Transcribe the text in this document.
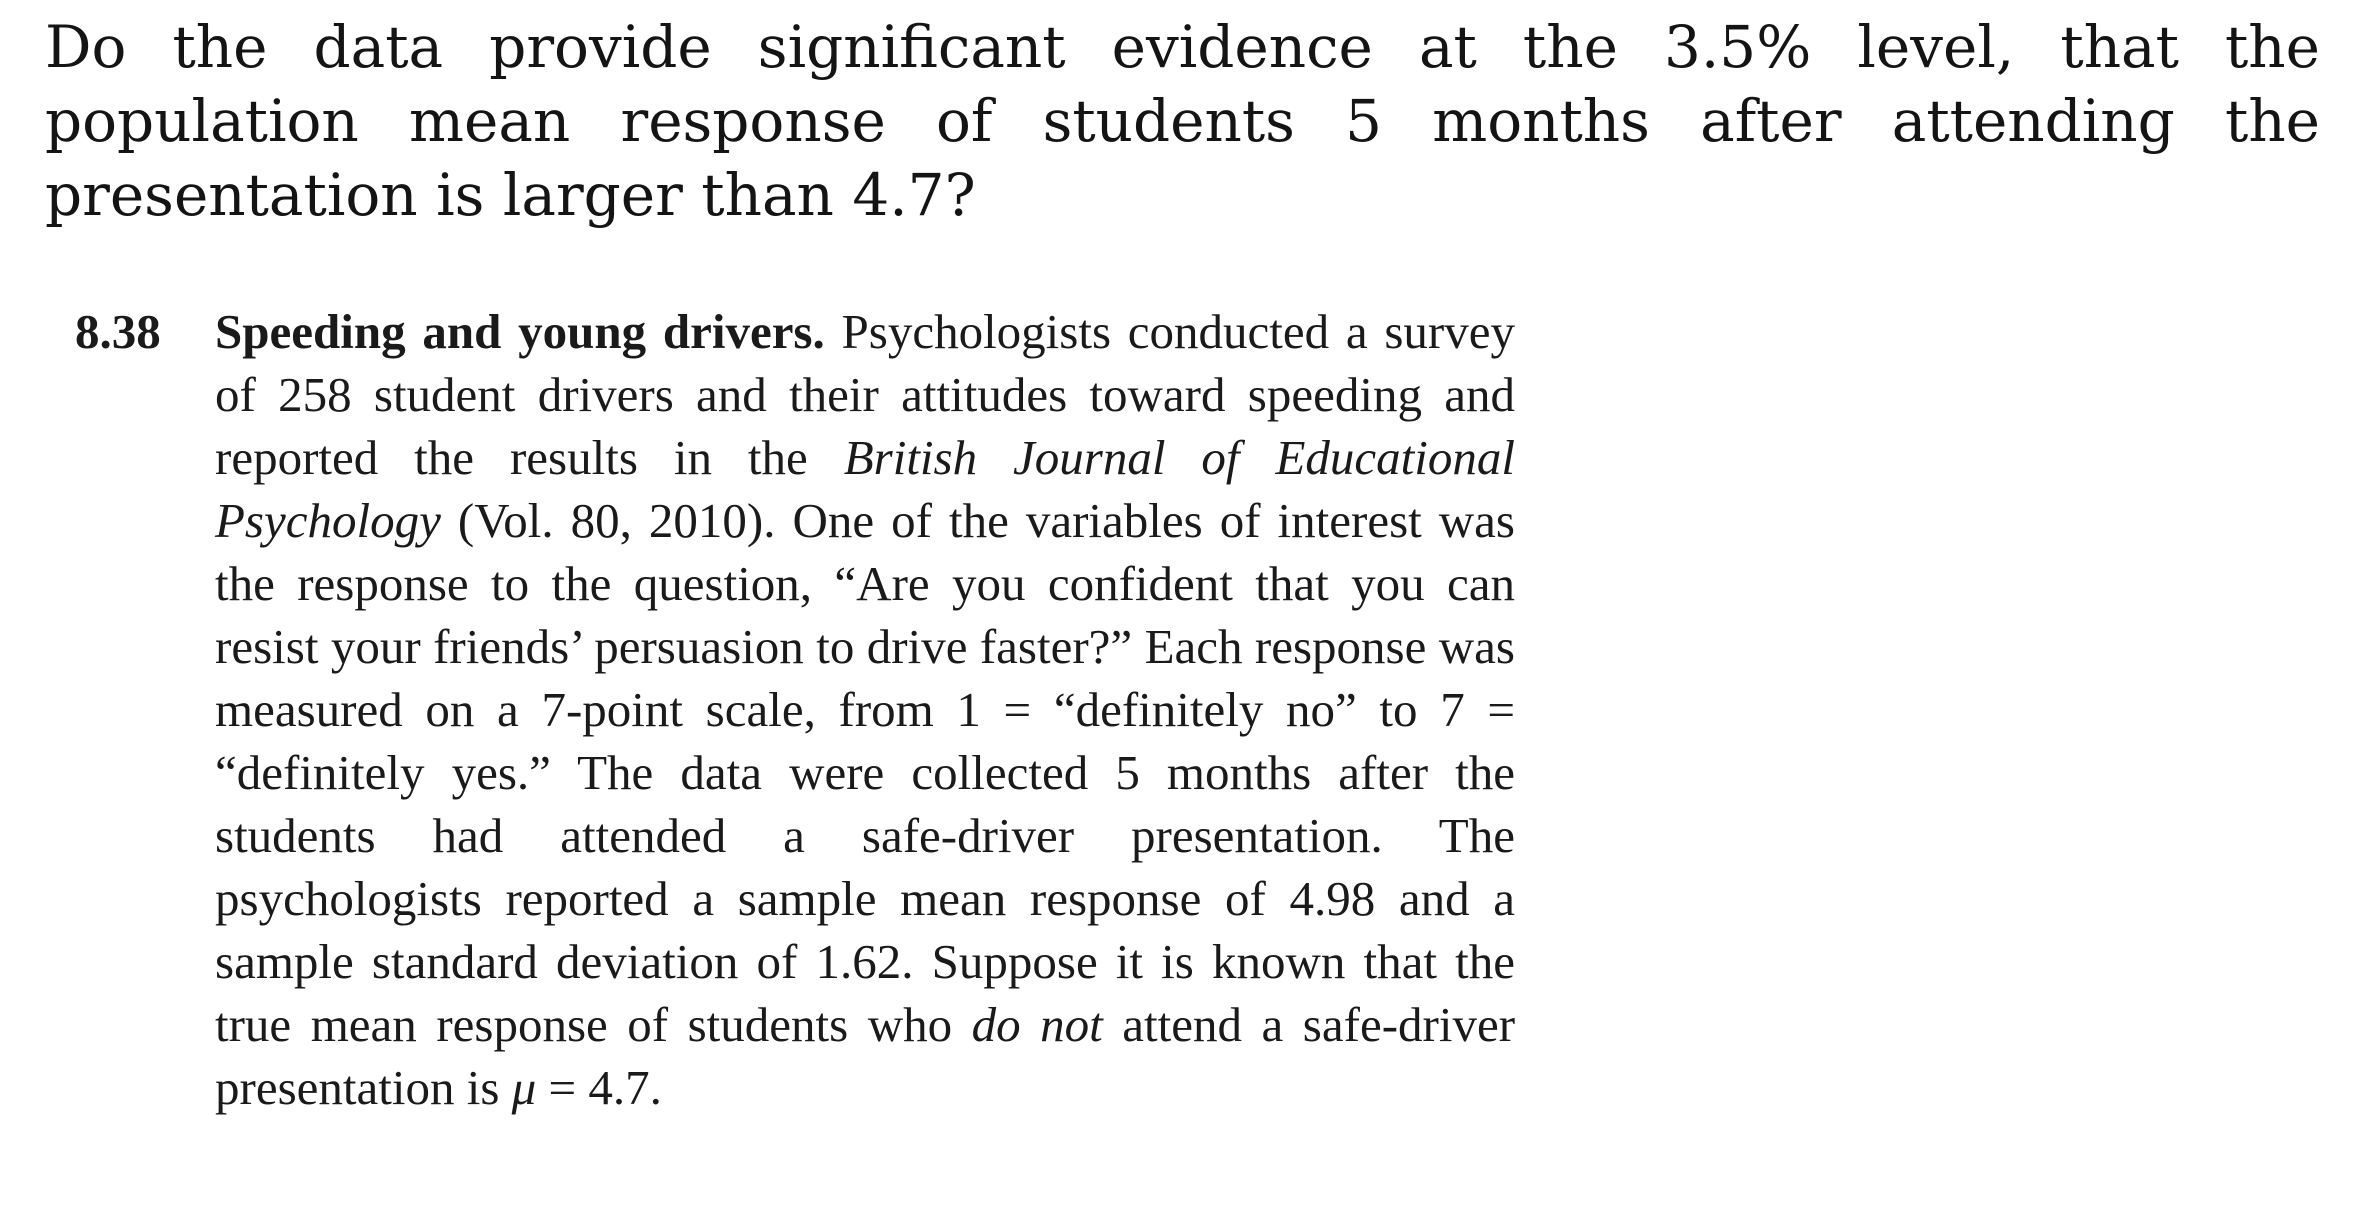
Do the data provide significant evidence at the 3.5% level, that the population mean response of students 5 months after attending the presentation is larger than 4.7?

8.38 Speeding and young drivers. Psychologists conducted a survey of 258 student drivers and their attitudes toward speeding and reported the results in the British Journal of Educational Psychology (Vol. 80, 2010). One of the variables of interest was the response to the question, “Are you confident that you can resist your friends’ persuasion to drive faster?” Each response was measured on a 7-point scale, from 1 = “definitely no” to 7 = “definitely yes.” The data were collected 5 months after the students had attended a safe-driver presentation. The psychologists reported a sample mean response of 4.98 and a sample standard deviation of 1.62. Suppose it is known that the true mean response of students who do not attend a safe-driver presentation is μ = 4.7.
